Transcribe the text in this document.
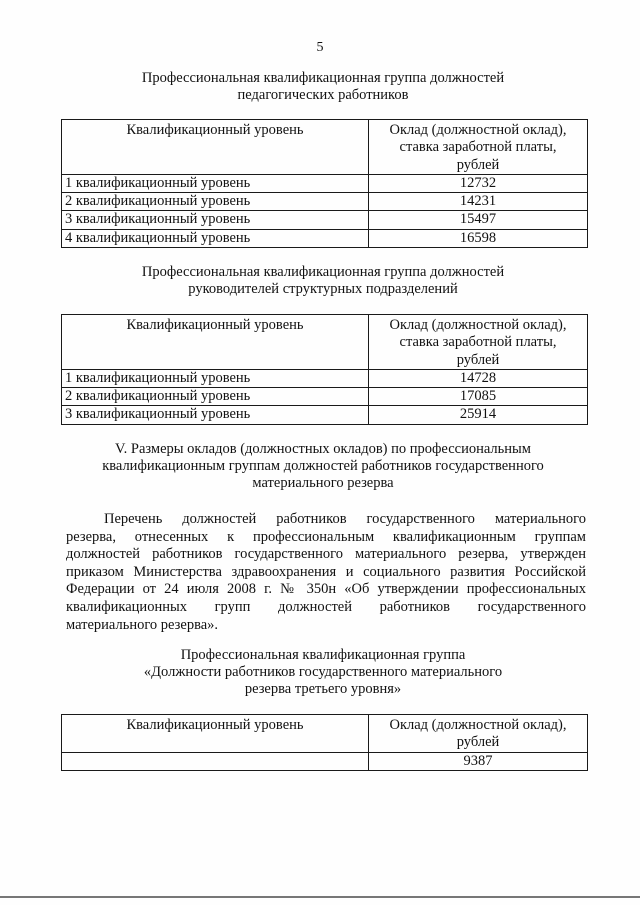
5
Профессиональная квалификационная группа должностей
педагогических работников
Квалификационный уровень	Оклад (должностной оклад),
ставка заработной платы,
рублей

1 квалификационный уровень	12732
2 квалификационный уровень	14231
3 квалификационный уровень	15497
4 квалификационный уровень	16598
Профессиональная квалификационная группа должностей
руководителей структурных подразделений
Квалификационный уровень	Оклад (должностной оклад),
ставка заработной платы,
рублей

1 квалификационный уровень	14728
2 квалификационный уровень	17085
3 квалификационный уровень	25914
V. Размеры окладов (должностных окладов) по профессиональным
квалификационным группам должностей работников государственного
материального резерва
Перечень должностей работников государственного материального
резерва, отнесенных к профессиональным квалификационным группам
должностей работников государственного материального резерва, утвержден
приказом Министерства здравоохранения и социального развития Российской
Федерации от 24 июля 2008 г. № 350н «Об утверждении профессиональных
квалификационных групп должностей работников государственного
материального резерва».
Профессиональная квалификационная группа
«Должности работников государственного материального
резерва третьего уровня»
Квалификационный уровень	Оклад (должностной оклад),
рублей

	9387
